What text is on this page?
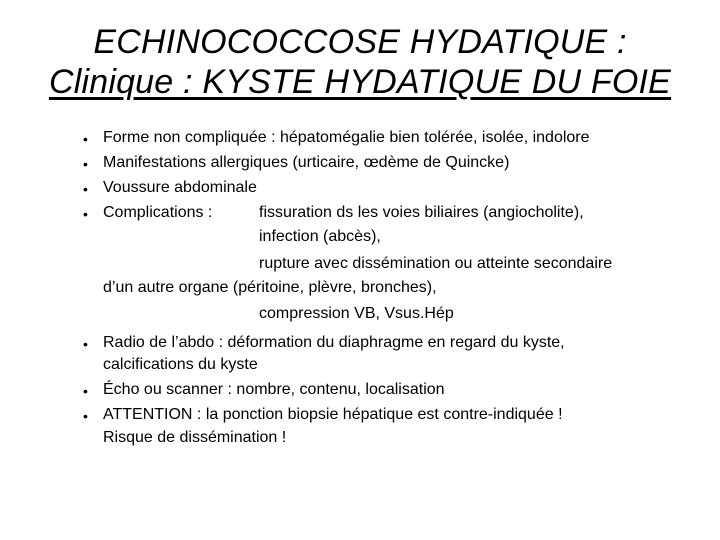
ECHINOCOCCOSE HYDATIQUE :
Clinique : KYSTE HYDATIQUE DU FOIE
• Forme non compliquée : hépatomégalie bien tolérée, isolée, indolore
• Manifestations allergiques (urticaire, œdème de Quincke)
• Voussure abdominale
• Complications :	fissuration ds les voies biliaires (angiocholite),
infection (abcès),
rupture avec dissémination ou atteinte secondaire
d’un autre organe (péritoine, plèvre, bronches),
compression VB, Vsus.Hép
• Radio de l’abdo : déformation du diaphragme en regard du kyste,
calcifications du kyste
• Écho ou scanner : nombre, contenu, localisation
• ATTENTION : la ponction biopsie hépatique est contre-indiquée !
Risque de dissémination !
